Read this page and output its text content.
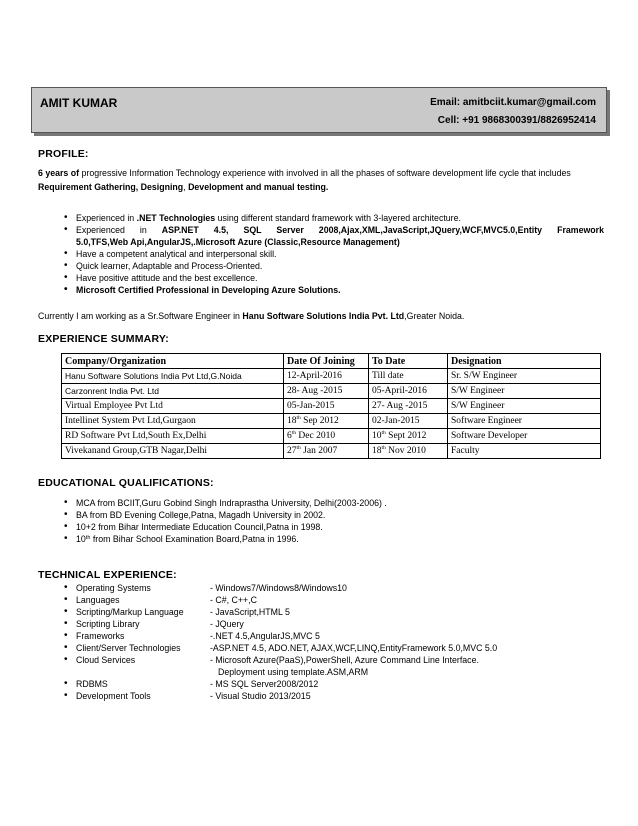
AMIT KUMAR	Email: amitbciit.kumar@gmail.com
Cell: +91 9868300391/8826952414
PROFILE:
6 years of progressive Information Technology experience with involved in all the phases of software development life cycle that includes Requirement Gathering, Designing, Development and manual testing.
• Experienced in .NET Technologies using different standard framework with 3-layered architecture.
• Experienced in ASP.NET 4.5, SQL Server 2008,Ajax,XML,JavaScript,JQuery,WCF,MVC5.0,Entity Framework
5.0,TFS,Web Api,AngularJS,.Microsoft Azure (Classic,Resource Management)
• Have a competent analytical and interpersonal skill.
• Quick learner, Adaptable and Process-Oriented.
• Have positive attitude and the best excellence.
• Microsoft Certified Professional in Developing Azure Solutions.
Currently I am working as a Sr.Software Engineer in Hanu Software Solutions India Pvt. Ltd,Greater Noida.
EXPERIENCE SUMMARY:
Company/Organization	Date Of Joining	To Date	Designation
Hanu Software Solutions India Pvt Ltd,G.Noida	12-April-2016	Till date	Sr. S/W Engineer
Carzonrent India Pvt. Ltd	28- Aug -2015	05-April-2016	S/W Engineer
Virtual Employee Pvt Ltd	05-Jan-2015	27- Aug -2015	S/W Engineer
Intellinet System Pvt Ltd,Gurgaon	18th Sep 2012	02-Jan-2015	Software Engineer
RD Software Pvt Ltd,South Ex,Delhi	6th Dec 2010	10th Sept 2012	Software Developer
Vivekanand Group,GTB Nagar,Delhi	27th Jan 2007	18th Nov 2010	Faculty
EDUCATIONAL QUALIFICATIONS:
• MCA from BCIIT,Guru Gobind Singh Indraprastha University, Delhi(2003-2006) .
• BA from BD Evening College,Patna, Magadh University in 2002.
• 10+2 from Bihar Intermediate Education Council,Patna in 1998.
• 10th from Bihar School Examination Board,Patna in 1996.
TECHNICAL EXPERIENCE:
• Operating Systems	- Windows7/Windows8/Windows10
• Languages	- C#, C++,C
• Scripting/Markup Language	- JavaScript,HTML 5
• Scripting Library	- JQuery
• Frameworks	-.NET 4.5,AngularJS,MVC 5
• Client/Server Technologies	-ASP.NET 4.5, ADO.NET, AJAX,WCF,LINQ,EntityFramework 5.0,MVC 5.0
• Cloud Services	- Microsoft Azure(PaaS),PowerShell, Azure Command Line Interface.
Deployment using template.ASM,ARM
• RDBMS	- MS SQL Server2008/2012
• Development Tools	- Visual Studio 2013/2015
